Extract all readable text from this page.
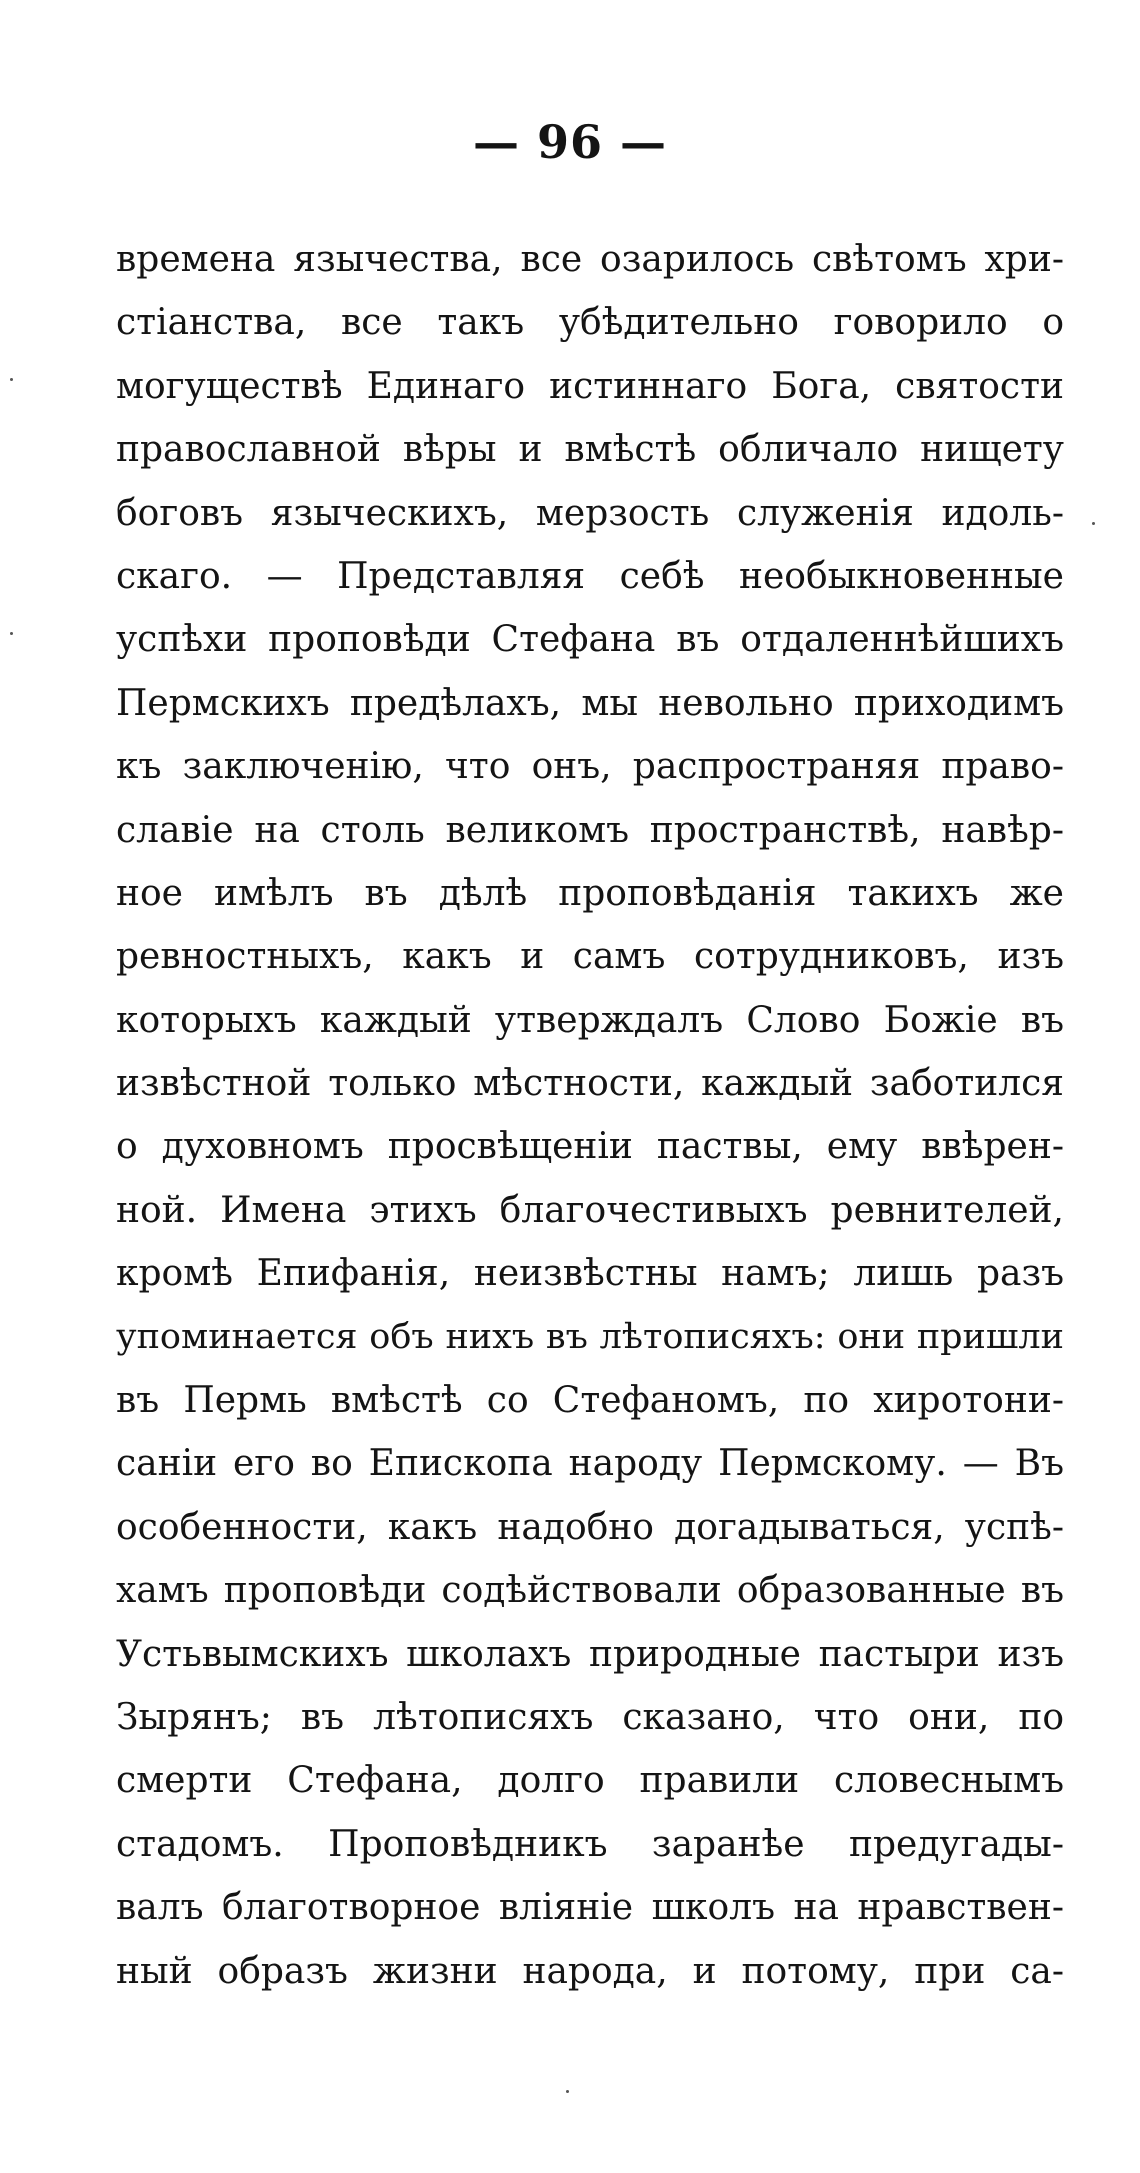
— 96 —
времена язычества, все озарилось свѣтомъ хри-
стіанства, все такъ убѣдительно говорило о
могуществѣ Единаго истиннаго Бога, святости
православной вѣры и вмѣстѣ обличало нищету
боговъ языческихъ, мерзость служенія идоль-
скаго. — Представляя себѣ необыкновенные
успѣхи проповѣди Стефана въ отдаленнѣйшихъ
Пермскихъ предѣлахъ, мы невольно приходимъ
къ заключенію, что онъ, распространяя право-
славіе на столь великомъ пространствѣ, навѣр-
ное имѣлъ въ дѣлѣ проповѣданія такихъ же
ревностныхъ, какъ и самъ сотрудниковъ, изъ
которыхъ каждый утверждалъ Слово Божіе въ
извѣстной только мѣстности, каждый заботился
о духовномъ просвѣщеніи паствы, ему ввѣрен-
ной. Имена этихъ благочестивыхъ ревнителей,
кромѣ Епифанія, неизвѣстны намъ; лишь разъ
упоминается объ нихъ въ лѣтописяхъ: они пришли
въ Пермь вмѣстѣ со Стефаномъ, по хиротони-
саніи его во Епископа народу Пермскому. — Въ
особенности, какъ надобно догадываться, успѣ-
хамъ проповѣди содѣйствовали образованные въ
Устьвымскихъ школахъ природные пастыри изъ
Зырянъ; въ лѣтописяхъ сказано, что они, по
смерти Стефана, долго правили словеснымъ
стадомъ. Проповѣдникъ заранѣе предугады-
валъ благотворное вліяніе школъ на нравствен-
ный образъ жизни народа, и потому, при са-
